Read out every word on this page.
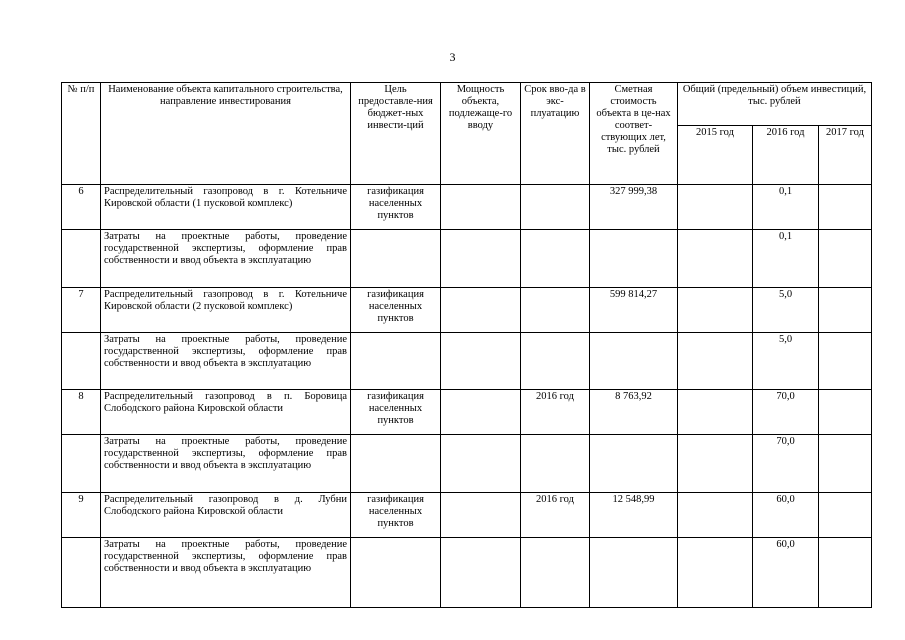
3
№ п/п	Наименование объекта капитального строительства, направление инвестирования	Цель предоставле-ния бюджет-ных инвести-ций	Мощность объекта, подлежаще-го вводу	Срок вво-да в экс-плуатацию	Сметная стоимость объекта в це-нах соответ-ствующих лет, тыс. рублей	Общий (предельный) объем инвестиций, тыс. рублей		
						2015 год	2016 год	2017 год
6	Распределительный газопровод в г. Котельниче Кировской области (1 пусковой комплекс)	газификация населенных пунктов			327 999,38		0,1	
	Затраты на проектные работы, проведение государственной экспертизы, оформление прав собственности и ввод объекта в эксплуатацию						0,1	
7	Распределительный газопровод в г. Котельниче Кировской области (2 пусковой комплекс)	газификация населенных пунктов			599 814,27		5,0	
	Затраты на проектные работы, проведение государственной экспертизы, оформление прав собственности и ввод объекта в эксплуатацию						5,0	
8	Распределительный газопровод в п. Боровица Слободского района Кировской области	газификация населенных пунктов		2016 год	8 763,92		70,0	
	Затраты на проектные работы, проведение государственной экспертизы, оформление прав собственности и ввод объекта в эксплуатацию						70,0	
9	Распределительный газопровод в д. Лубни Слободского района Кировской области	газификация населенных пунктов		2016 год	12 548,99		60,0	
	Затраты на проектные работы, проведение государственной экспертизы, оформление прав собственности и ввод объекта в эксплуатацию						60,0	
